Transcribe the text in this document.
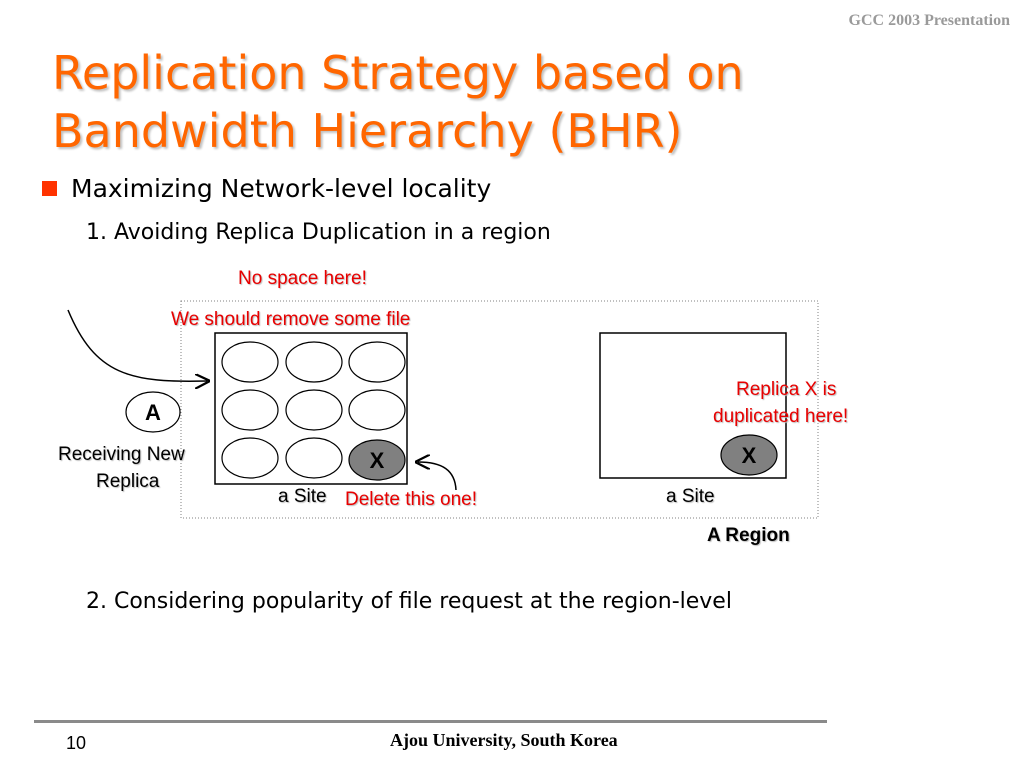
GCC 2003 Presentation
Replication Strategy based on
Bandwidth Hierarchy (BHR)
Maximizing Network-level locality
1. Avoiding Replica Duplication in a region
2. Considering popularity of file request at the region-level
X	X
A
No space here!
We should remove some file
Receiving New
Replica
a Site Delete this one!	a Site
Replica X is
duplicated here!
A Region
10	Ajou University, South Korea
